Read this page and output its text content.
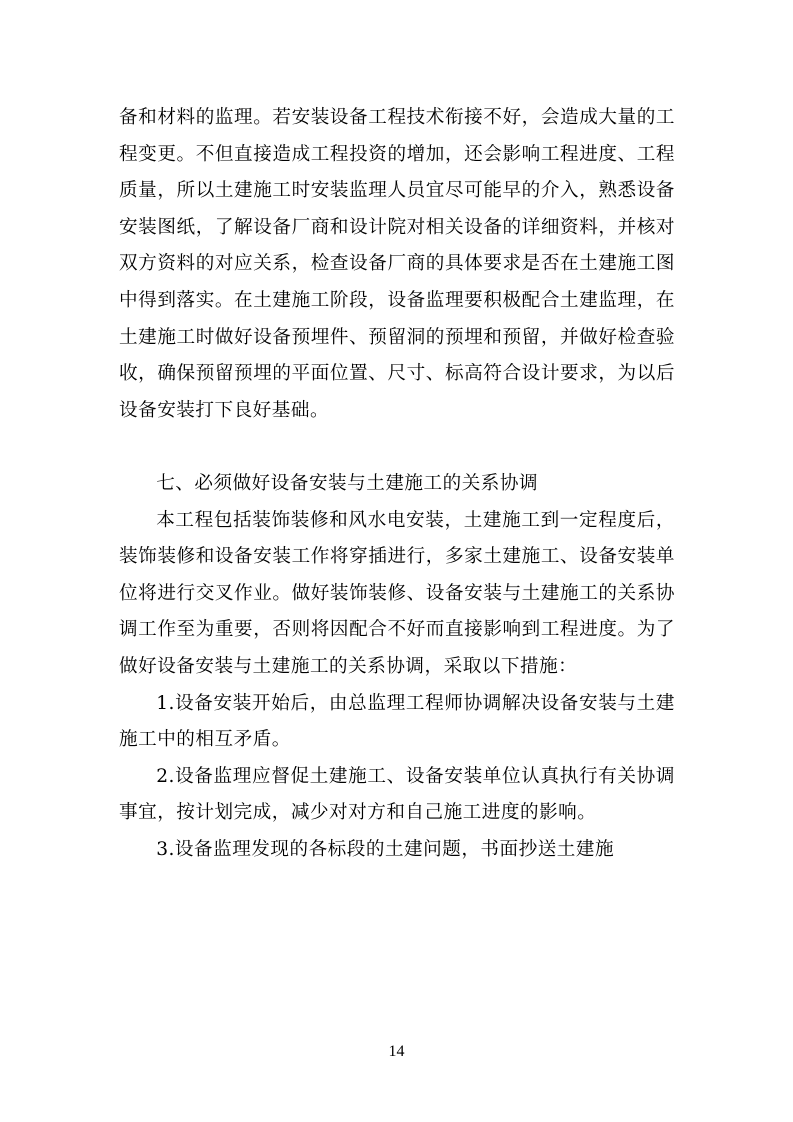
备和材料的监理。若安装设备工程技术衔接不好，会造成大量的工程变更。不但直接造成工程投资的增加，还会影响工程进度、工程质量，所以土建施工时安装监理人员宜尽可能早的介入，熟悉设备安装图纸，了解设备厂商和设计院对相关设备的详细资料，并核对双方资料的对应关系，检查设备厂商的具体要求是否在土建施工图中得到落实。在土建施工阶段，设备监理要积极配合土建监理，在土建施工时做好设备预埋件、预留洞的预埋和预留，并做好检查验收，确保预留预埋的平面位置、尺寸、标高符合设计要求，为以后设备安装打下良好基础。

七、必须做好设备安装与土建施工的关系协调

本工程包括装饰装修和风水电安装，土建施工到一定程度后，装饰装修和设备安装工作将穿插进行，多家土建施工、设备安装单位将进行交叉作业。做好装饰装修、设备安装与土建施工的关系协调工作至为重要，否则将因配合不好而直接影响到工程进度。为了做好设备安装与土建施工的关系协调，采取以下措施：

1.设备安装开始后，由总监理工程师协调解决设备安装与土建施工中的相互矛盾。

2.设备监理应督促土建施工、设备安装单位认真执行有关协调事宜，按计划完成，减少对对方和自己施工进度的影响。

3.设备监理发现的各标段的土建问题，书面抄送土建施

14
